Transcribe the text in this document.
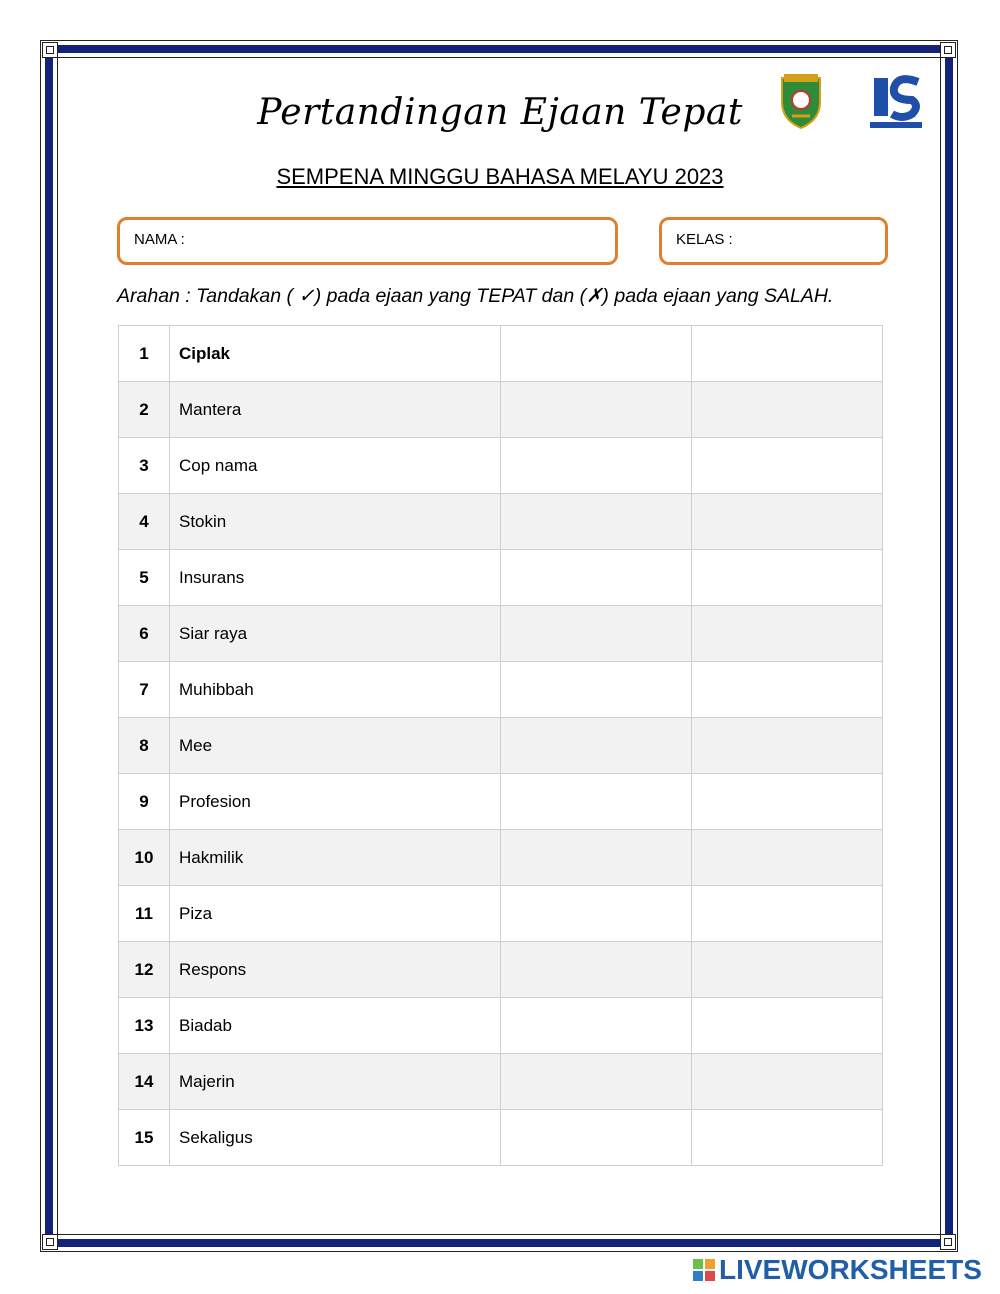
Pertandingan Ejaan Tepat
SEMPENA MINGGU BAHASA MELAYU 2023
NAMA :	KELAS :
Arahan : Tandakan ( ✓) pada ejaan yang TEPAT dan (✗) pada ejaan yang SALAH.
1	Ciplak		
2	Mantera		
3	Cop nama		
4	Stokin		
5	Insurans		
6	Siar raya		
7	Muhibbah		
8	Mee		
9	Profesion		
10	Hakmilik		
11	Piza		
12	Respons		
13	Biadab		
14	Majerin		
15	Sekaligus		
LIVEWORKSHEETS
